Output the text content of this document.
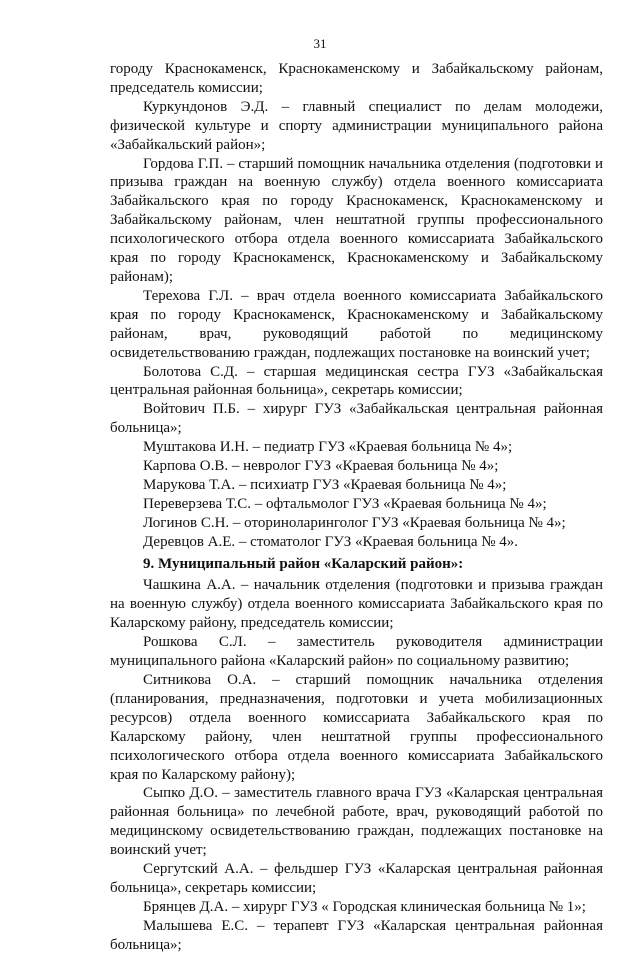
31

городу Краснокаменск, Краснокаменскому и Забайкальскому районам, председатель комиссии;

Куркундонов Э.Д. – главный специалист по делам молодежи, физической культуре и спорту администрации муниципального района «Забайкальский район»;

Гордова Г.П. – старший помощник начальника отделения (подготовки и призыва граждан на военную службу) отдела военного комиссариата Забайкальского края по городу Краснокаменск, Краснокаменскому и Забайкальскому районам, член нештатной группы профессионального психологического отбора отдела военного комиссариата Забайкальского края по городу Краснокаменск, Краснокаменскому и Забайкальскому районам);

Терехова Г.Л. – врач отдела военного комиссариата Забайкальского края по городу Краснокаменск, Краснокаменскому и Забайкальскому районам, врач, руководящий работой по медицинскому освидетельствованию граждан, подлежащих постановке на воинский учет;

Болотова С.Д. – старшая медицинская сестра ГУЗ «Забайкальская центральная районная больница», секретарь комиссии;

Войтович П.Б. – хирург ГУЗ «Забайкальская центральная районная больница»;

Муштакова И.Н. – педиатр ГУЗ «Краевая больница № 4»;

Карпова О.В. – невролог ГУЗ «Краевая больница № 4»;

Марукова Т.А. – психиатр ГУЗ «Краевая больница № 4»;

Переверзева Т.С. – офтальмолог ГУЗ «Краевая больница № 4»;

Логинов С.Н. – оториноларинголог ГУЗ «Краевая больница № 4»;

Деревцов А.Е. – стоматолог ГУЗ «Краевая больница № 4».

9. Муниципальный район «Каларский район»:

Чашкина А.А. – начальник отделения (подготовки и призыва граждан на военную службу) отдела военного комиссариата Забайкальского края по Каларскому району, председатель комиссии;

Рошкова С.Л. – заместитель руководителя администрации муниципального района «Каларский район» по социальному развитию;

Ситникова О.А. – старший помощник начальника отделения (планирования, предназначения, подготовки и учета мобилизационных ресурсов) отдела военного комиссариата Забайкальского края по Каларскому району, член нештатной группы профессионального психологического отбора отдела военного комиссариата Забайкальского края по Каларскому району);

Сыпко Д.О. – заместитель главного врача ГУЗ «Каларская центральная районная больница» по лечебной работе, врач, руководящий работой по медицинскому освидетельствованию граждан, подлежащих постановке на воинский учет;

Сергутский А.А. – фельдшер ГУЗ «Каларская центральная районная больница», секретарь комиссии;

Брянцев Д.А. – хирург ГУЗ « Городская клиническая больница № 1»;

Малышева Е.С. – терапевт ГУЗ «Каларская центральная районная больница»;
